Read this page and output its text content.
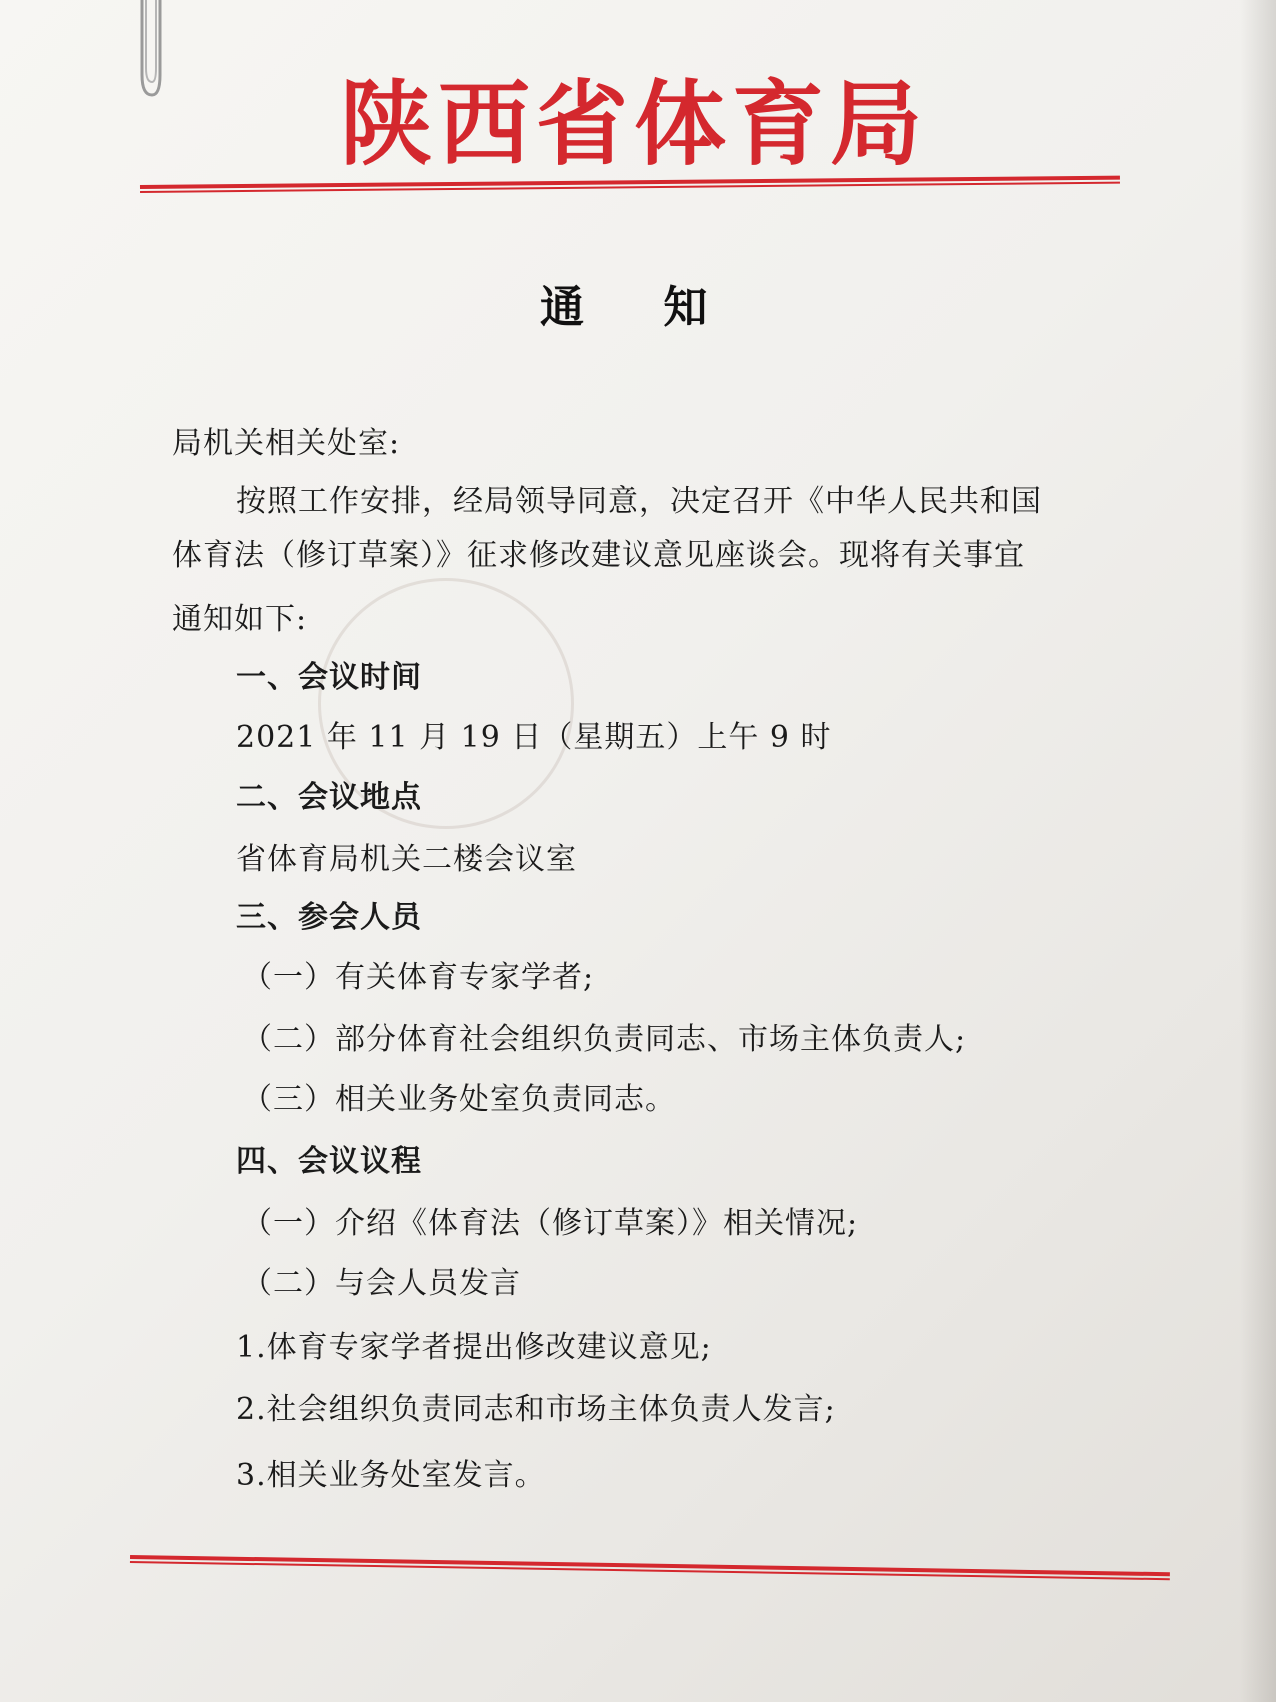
陕西省体育局
通 知
局机关相关处室:
按照工作安排，经局领导同意，决定召开《中华人民共和国
体育法（修订草案）》征求修改建议意见座谈会。现将有关事宜
通知如下:
一、会议时间
2021 年 11 月 19 日（星期五）上午 9 时
二、会议地点
省体育局机关二楼会议室
三、参会人员
（一）有关体育专家学者;
（二）部分体育社会组织负责同志、市场主体负责人;
（三）相关业务处室负责同志。
四、会议议程
（一）介绍《体育法（修订草案）》相关情况;
（二）与会人员发言
1.体育专家学者提出修改建议意见;
2.社会组织负责同志和市场主体负责人发言;
3.相关业务处室发言。
